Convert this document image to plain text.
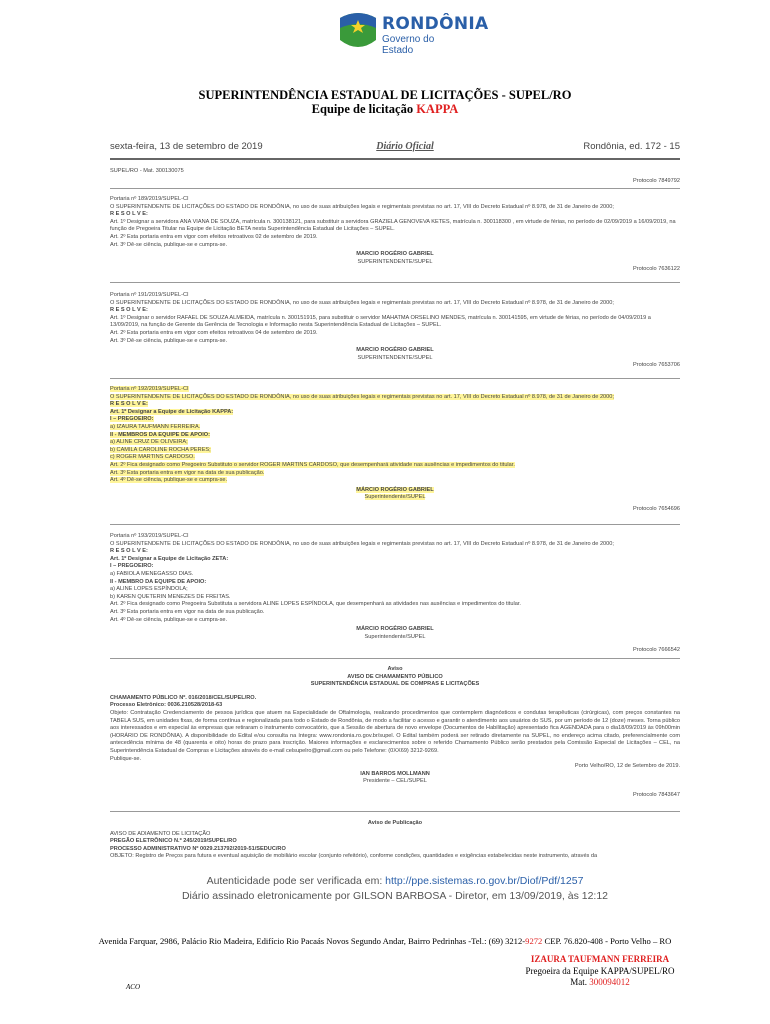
RONDÔNIA
Governo do Estado
SUPERINTENDÊNCIA ESTADUAL DE LICITAÇÕES - SUPEL/RO
Equipe de licitação KAPPA
sexta-feira, 13 de setembro de 2019	Diário Oficial	Rondônia, ed. 172 - 15
SUPEL/RO - Mat. 300130075
Protocolo 7849792
Portaria nº 189/2019/SUPEL-CI
O SUPERINTENDENTE DE LICITAÇÕES DO ESTADO DE RONDÔNIA, no uso de suas atribuições legais e regimentais previstas no art. 17, VIII do Decreto Estadual nº 8.978, de 31 de Janeiro de 2000;
R E S O L V E:
Art. 1º Designar a servidora ANA VIANA DE SOUZA, matrícula n. 300138121, para substituir a servidora GRAZIELA GENOVEVA KETES, matrícula n. 300118300 , em virtude de férias, no período de 02/09/2019 a 16/09/2019, na função de Pregoeira Titular na Equipe de Licitação BETA nesta Superintendência Estadual de Licitações – SUPEL.
Art. 2º Esta portaria entra em vigor com efeitos retroativos 02 de setembro de 2019.
Art. 3º Dê-se ciência, publique-se e cumpra-se.
MARCIO ROGÉRIO GABRIEL
SUPERINTENDENTE/SUPEL
Protocolo 7636122
Portaria nº 191/2019/SUPEL-CI
O SUPERINTENDENTE DE LICITAÇÕES DO ESTADO DE RONDÔNIA, no uso de suas atribuições legais e regimentais previstas no art. 17, VIII do Decreto Estadual nº 8.978, de 31 de Janeiro de 2000;
R E S O L V E:
Art. 1º Designar o servidor RAFAEL DE SOUZA ALMEIDA, matrícula n. 300151915, para substituir o servidor MAHATMA ORSELINO MENDES, matrícula n. 300141595, em virtude de férias, no período de 04/09/2019 a 13/09/2019, na função de Gerente da Gerência de Tecnologia e Informação nesta Superintendência Estadual de Licitações – SUPEL.
Art. 2º Esta portaria entra em vigor com efeitos retroativos 04 de setembro de 2019.
Art. 3º Dê-se ciência, publique-se e cumpra-se.
MARCIO ROGÉRIO GABRIEL
SUPERINTENDENTE/SUPEL
Protocolo 7653706
Portaria nº 192/2019/SUPEL-CI
O SUPERINTENDENTE DE LICITAÇÕES DO ESTADO DE RONDÔNIA, no uso de suas atribuições legais e regimentais previstas no art. 17, VIII do Decreto Estadual nº 8.978, de 31 de Janeiro de 2000;
R E S O L V E:
Art. 1º Designar a Equipe de Licitação KAPPA:
I – PREGOEIRO:
a) IZAURA TAUFMANN FERREIRA.
II - MEMBROS DA EQUIPE DE APOIO:
a) ALINE CRUZ DE OLIVEIRA;
b) CAMILA CAROLINE ROCHA PERES;
c) ROGER MARTINS CARDOSO.
Art. 2º Fica designado como Pregoeiro Substituto o servidor ROGER MARTINS CARDOSO, que desempenhará atividade nas ausências e impedimentos do titular.
Art. 3º Esta portaria entra em vigor na data de sua publicação.
Art. 4º Dê-se ciência, publique-se e cumpra-se.
MÁRCIO ROGÉRIO GABRIEL
Superintendente/SUPEL
Protocolo 7654696
Portaria nº 193/2019/SUPEL-CI
O SUPERINTENDENTE DE LICITAÇÕES DO ESTADO DE RONDÔNIA, no uso de suas atribuições legais e regimentais previstas no art. 17, VIII do Decreto Estadual nº 8.978, de 31 de Janeiro de 2000;
R E S O L V E:
Art. 1º Designar a Equipe de Licitação ZETA:
I – PREGOEIRO:
a) FABIOLA MENEGASSO DIAS.
II - MEMBRO DA EQUIPE DE APOIO:
a) ALINE LOPES ESPÍNDOLA;
b) KAREN QUETERIN MENEZES DE FREITAS.
Art. 2º Fica designado como Pregoeira Substituta a servidora ALINE LOPES ESPÍNDOLA, que desempenhará as atividades nas ausências e impedimentos do titular.
Art. 3º Esta portaria entra em vigor na data de sua publicação.
Art. 4º Dê-se ciência, publique-se e cumpra-se.
MÁRCIO ROGÉRIO GABRIEL
Superintendente/SUPEL
Protocolo 7666542
Aviso
AVISO DE CHAMAMENTO PÚBLICO
SUPERINTENDÊNCIA ESTADUAL DE COMPRAS E LICITAÇÕES
CHAMAMENTO PÚBLICO Nº. 016/2018/CEL/SUPEL/RO.
Processo Eletrônico: 0036.210528/2018-63
Objeto: Contratação Credenciamento de pessoa jurídica que atuem na Especialidade de Oftalmologia, realizando procedimentos que contemplem diagnósticos e condutas terapêuticas (cirúrgicas), com preços constantes na TABELA SUS, em unidades fixas, de forma contínua e regionalizada para todo o Estado de Rondônia, de modo a facilitar o acesso e garantir o atendimento aos usuários do SUS, por um período de 12 (doze) meses. Torna público aos interessados e em especial às empresas que retiraram o instrumento convocatório, que a Sessão de abertura de novo envelope (Documentos de Habilitação) apresentado fica AGENDADA para o dia18/09/2019 às 09h00min (HORÁRIO DE RONDÔNIA). A disponibilidade do Edital e/ou consulta na íntegra: www.rondonia.ro.gov.br/supel. O Edital também poderá ser retirado diretamente na SUPEL, no endereço acima citado, preferencialmente com antecedência mínima de 48 (quarenta e oito) horas do prazo para inscrição. Maiores informações e esclarecimentos sobre o referido Chamamento Público serão prestados pela Comissão Especial de Licitações – CEL, na Superintendência Estadual de Compras e Licitações através do e-mail celsupelro@gmail.com ou pelo Telefone: (0XX69) 3212-9269.
Publique-se.
Porto Velho/RO, 12 de Setembro de 2019.
IAN BARROS MOLLMANN
Presidente – CEL/SUPEL
Protocolo 7843647
Aviso de Publicação
AVISO DE ADIAMENTO DE LICITAÇÃO
PREGÃO ELETRÔNICO N.º 245/2019/SUPEL/RO
PROCESSO ADMINISTRATIVO Nº 0029.213792/2019-51/SEDUC/RO
OBJETO: Registro de Preços para futura e eventual aquisição de mobiliário escolar (conjunto refeitório), conforme condições, quantidades e exigências estabelecidas neste instrumento, através da
Autenticidade pode ser verificada em: http://ppe.sistemas.ro.gov.br/Diof/Pdf/1257
Diário assinado eletronicamente por GILSON BARBOSA - Diretor, em 13/09/2019, às 12:12
Avenida Farquar, 2986, Palácio Rio Madeira, Edifício Rio Pacaás Novos Segundo Andar, Bairro Pedrinhas -Tel.: (69) 3212-9272 CEP. 76.820-408 - Porto Velho – RO
IZAURA TAUFMANN FERREIRA
Pregoeira da Equipe KAPPA/SUPEL/RO
Mat. 300094012
ACO
